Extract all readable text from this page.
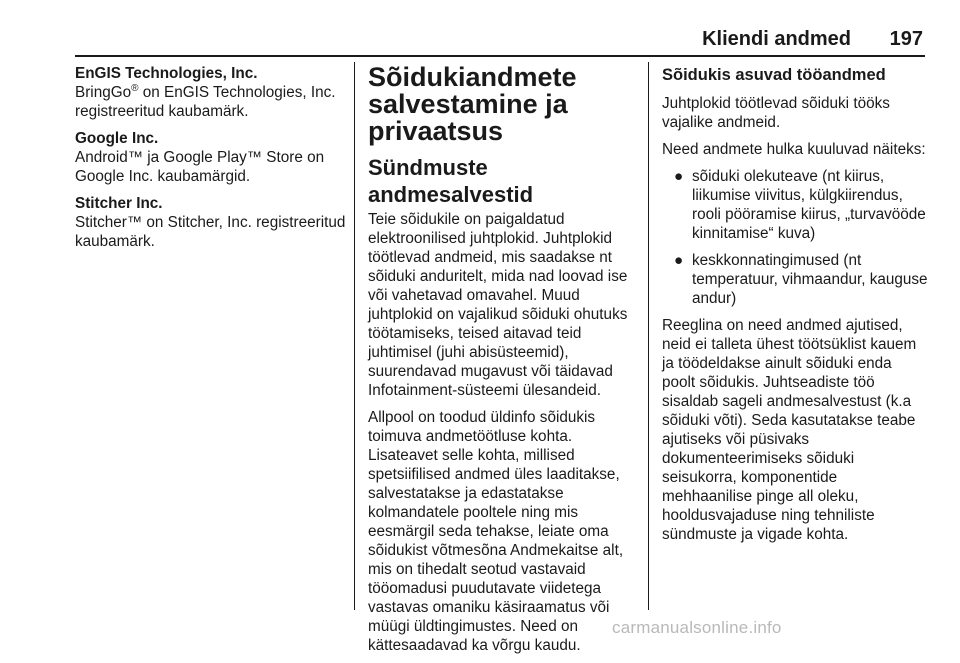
Kliendi andmed 197
EnGIS Technologies, Inc.
BringGo® on EnGIS Technologies, Inc. registreeritud kaubamärk.
Google Inc.
Android™ ja Google Play™ Store on Google Inc. kaubamärgid.
Stitcher Inc.
Stitcher™ on Stitcher, Inc. registreeritud kaubamärk.
Sõidukiandmete salvestamine ja privaatsus
Sündmuste andmesalvestid

Teie sõidukile on paigaldatud elektroonilised juhtplokid. Juhtplokid töötlevad andmeid, mis saadakse nt sõiduki anduritelt, mida nad loovad ise või vahetavad omavahel. Muud juhtplokid on vajalikud sõiduki ohutuks töötamiseks, teised aitavad teid juhtimisel (juhi abisüsteemid), suurendavad mugavust või täidavad Infotainment-süsteemi ülesandeid.

Allpool on toodud üldinfo sõidukis toimuva andmetöötluse kohta. Lisateavet selle kohta, millised spetsiifilised andmed üles laaditakse, salvestatakse ja edastatakse kolmandatele pooltele ning mis eesmärgil seda tehakse, leiate oma sõidukist võtmesõna Andmekaitse alt, mis on tihedalt seotud vastavaid tööomadusi puudutavate viidetega vastavas omaniku käsiraamatus või müügi üldtingimustes. Need on kättesaadavad ka võrgu kaudu.

Sõidukis asuvad tööandmed

Juhtplokid töötlevad sõiduki tööks vajalike andmeid.

Need andmete hulka kuuluvad näiteks:

● sõiduki olekuteave (nt kiirus, liikumise viivitus, külgkiirendus, rooli pööramise kiirus, „turvavööde kinnitamise“ kuva)
● keskkonnatingimused (nt temperatuur, vihmaandur, kauguse andur)

Reeglina on need andmed ajutised, neid ei talleta ühest töötsüklist kauem ja töödeldakse ainult sõiduki enda poolt sõidukis. Juhtseadiste töö sisaldab sageli andmesalvestust (k.a sõiduki võti). Seda kasutatakse teabe ajutiseks või püsivaks dokumenteerimiseks sõiduki seisukorra, komponentide mehhaanilise pinge all oleku, hooldusvajaduse ning tehniliste sündmuste ja vigade kohta.

carmanualsonline.info
